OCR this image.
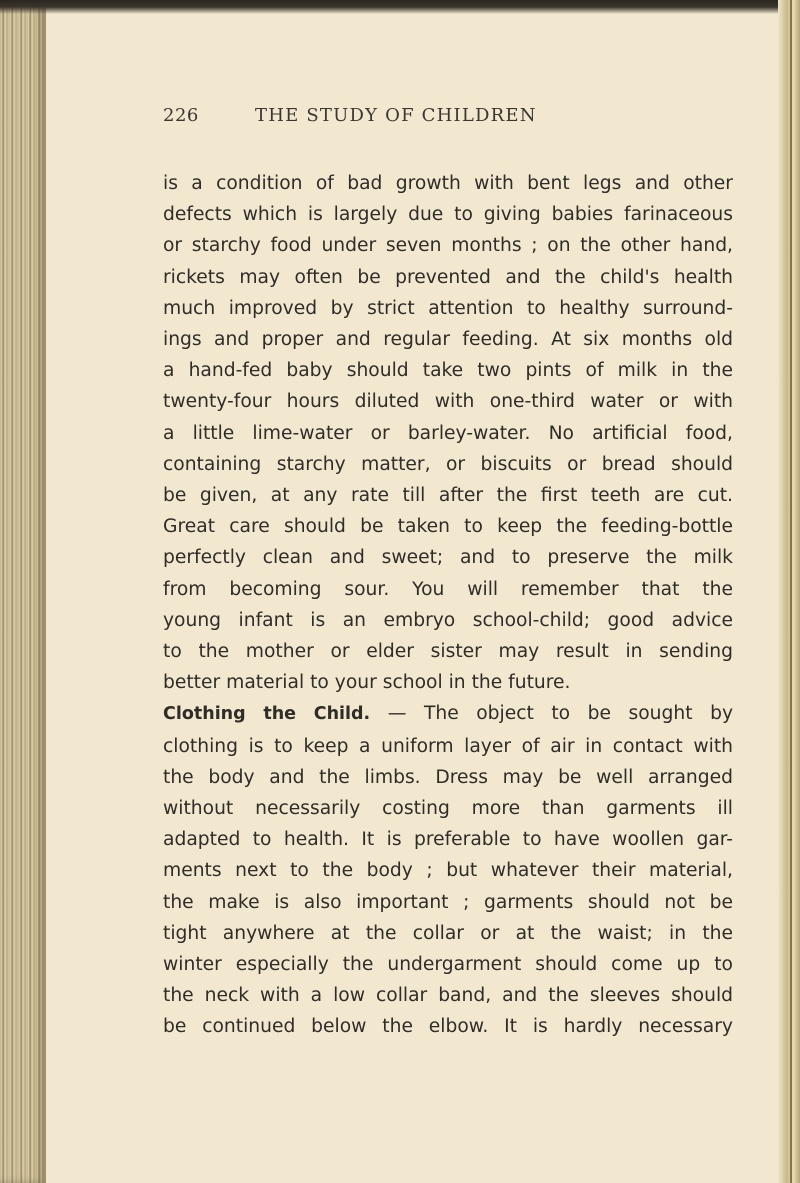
226	THE STUDY OF CHILDREN
is a condition of bad growth with bent legs and other
defects which is largely due to giving babies farinaceous
or starchy food under seven months ; on the other hand,
rickets may often be prevented and the child's health
much improved by strict attention to healthy surround-
ings and proper and regular feeding. At six months old
a hand-fed baby should take two pints of milk in the
twenty-four hours diluted with one-third water or with
a little lime-water or barley-water. No artificial food,
containing starchy matter, or biscuits or bread should
be given, at any rate till after the first teeth are cut.
Great care should be taken to keep the feeding-bottle
perfectly clean and sweet; and to preserve the milk
from becoming sour. You will remember that the
young infant is an embryo school-child; good advice
to the mother or elder sister may result in sending
better material to your school in the future.
Clothing the Child. — The object to be sought by
clothing is to keep a uniform layer of air in contact with
the body and the limbs. Dress may be well arranged
without necessarily costing more than garments ill
adapted to health. It is preferable to have woollen gar-
ments next to the body ; but whatever their material,
the make is also important ; garments should not be
tight anywhere at the collar or at the waist; in the
winter especially the undergarment should come up to
the neck with a low collar band, and the sleeves should
be continued below the elbow. It is hardly necessary
